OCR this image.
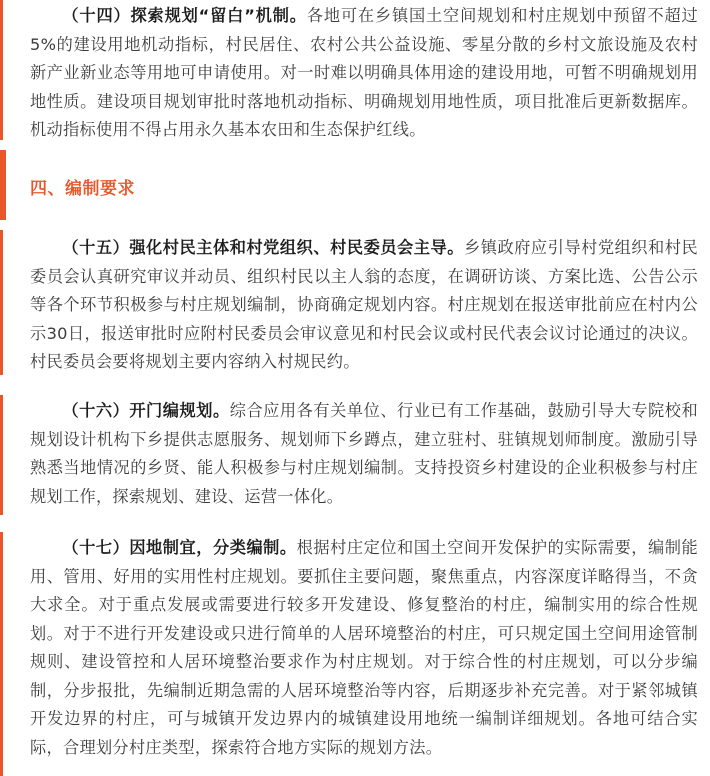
（十四）探索规划“留白”机制。各地可在乡镇国土空间规划和村庄规划中预留不超过5%的建设用地机动指标，村民居住、农村公共公益设施、零星分散的乡村文旅设施及农村新产业新业态等用地可申请使用。对一时难以明确具体用途的建设用地，可暂不明确规划用地性质。建设项目规划审批时落地机动指标、明确规划用地性质，项目批准后更新数据库。机动指标使用不得占用永久基本农田和生态保护红线。

四、编制要求

（十五）强化村民主体和村党组织、村民委员会主导。乡镇政府应引导村党组织和村民委员会认真研究审议并动员、组织村民以主人翁的态度，在调研访谈、方案比选、公告公示等各个环节积极参与村庄规划编制，协商确定规划内容。村庄规划在报送审批前应在村内公示30日，报送审批时应附村民委员会审议意见和村民会议或村民代表会议讨论通过的决议。村民委员会要将规划主要内容纳入村规民约。

（十六）开门编规划。综合应用各有关单位、行业已有工作基础，鼓励引导大专院校和规划设计机构下乡提供志愿服务、规划师下乡蹲点，建立驻村、驻镇规划师制度。激励引导熟悉当地情况的乡贤、能人积极参与村庄规划编制。支持投资乡村建设的企业积极参与村庄规划工作，探索规划、建设、运营一体化。

（十七）因地制宜，分类编制。根据村庄定位和国土空间开发保护的实际需要，编制能用、管用、好用的实用性村庄规划。要抓住主要问题，聚焦重点，内容深度详略得当，不贪大求全。对于重点发展或需要进行较多开发建设、修复整治的村庄，编制实用的综合性规划。对于不进行开发建设或只进行简单的人居环境整治的村庄，可只规定国土空间用途管制规则、建设管控和人居环境整治要求作为村庄规划。对于综合性的村庄规划，可以分步编制，分步报批，先编制近期急需的人居环境整治等内容，后期逐步补充完善。对于紧邻城镇开发边界的村庄，可与城镇开发边界内的城镇建设用地统一编制详细规划。各地可结合实际，合理划分村庄类型，探索符合地方实际的规划方法。
